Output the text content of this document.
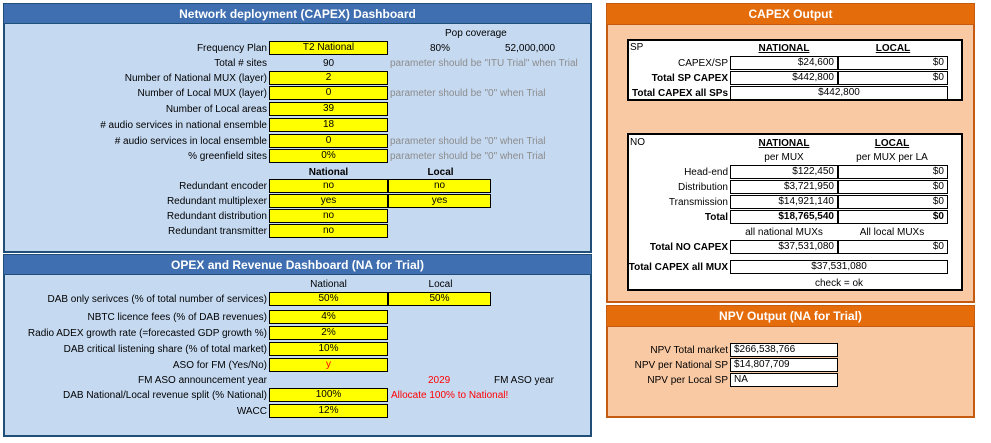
Network deployment (CAPEX) Dashboard
Pop coverage
80%	52,000,000
Frequency Plan	T2 National
Total # sites	90	parameter should be "ITU Trial" when Trial
Number of National MUX (layer)	2
Number of Local MUX (layer)	0	parameter should be "0" when Trial
Number of Local areas	39
# audio services in national ensemble	18
# audio services in local ensemble	0	parameter should be "0" when Trial
% greenfield sites	0%	parameter should be "0" when Trial
National	Local
Redundant encoder	no	no
Redundant multiplexer	yes	yes
Redundant distribution	no
Redundant transmitter	no
OPEX and Revenue Dashboard (NA for Trial)
National	Local
DAB only serivces (% of total number of services)	50%	50%
NBTC licence fees (% of DAB revenues)	4%
Radio ADEX growth rate (=forecasted GDP growth %)	2%
DAB critical listening share (% of total market)	10%
ASO for FM (Yes/No)	y
FM ASO announcement year	2029	FM ASO year
DAB National/Local revenue split (% National)	100%	Allocate 100% to National!
WACC	12%
CAPEX Output
SP	NATIONAL	LOCAL
CAPEX/SP	$24,600	$0
Total SP CAPEX	$442,800	$0
Total CAPEX all SPs	$442,800
NO	NATIONAL	LOCAL
per MUX	per MUX per LA
Head-end	$122,450	$0
Distribution	$3,721,950	$0
Transmission	$14,921,140	$0
Total	$18,765,540	$0
all national MUXs	All local MUXs
Total NO CAPEX	$37,531,080	$0
Total CAPEX all MUX	$37,531,080
check = ok
NPV Output (NA for Trial)
NPV Total market $266,538,766
NPV per National SP $14,807,709
NPV per Local SP NA
